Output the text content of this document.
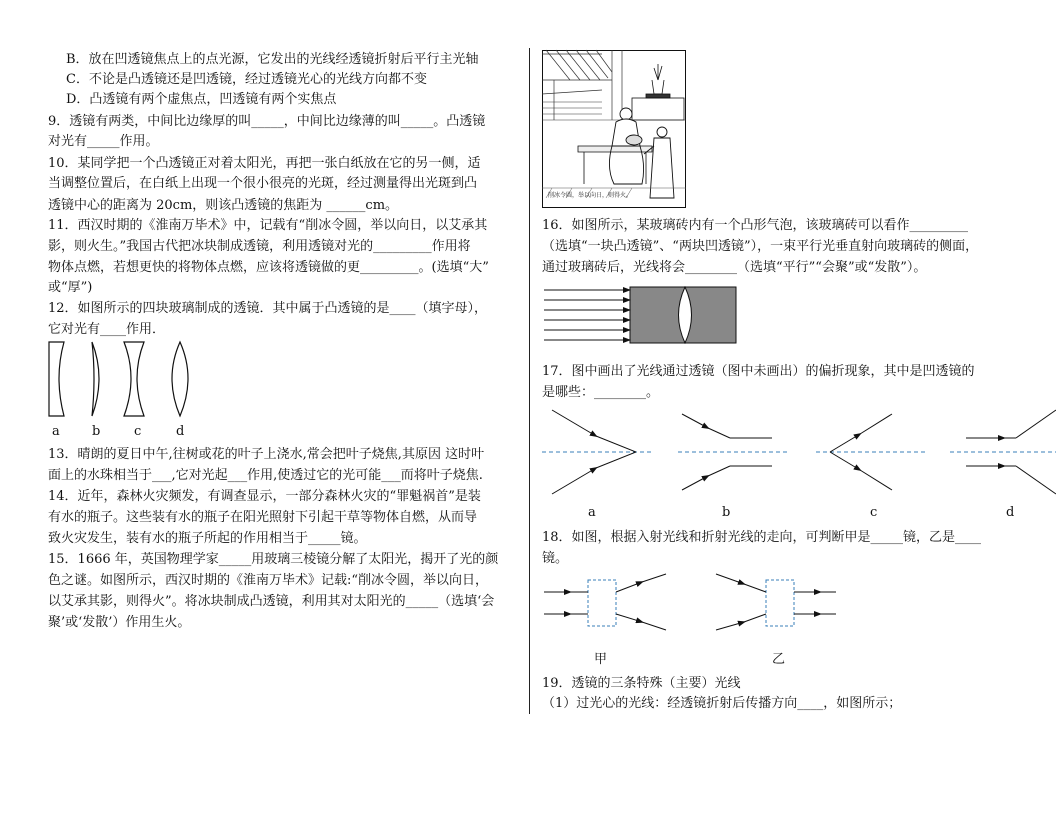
B．放在凹透镜焦点上的点光源，它发出的光线经透镜折射后平行主光轴
C．不论是凸透镜还是凹透镜，经过透镜光心的光线方向都不变
D．凸透镜有两个虚焦点，凹透镜有两个实焦点
9．透镜有两类，中间比边缘厚的叫_____，中间比边缘薄的叫_____。凸透镜
对光有_____作用。
10．某同学把一个凸透镜正对着太阳光，再把一张白纸放在它的另一侧，适
当调整位置后，在白纸上出现一个很小很亮的光斑，经过测量得出光斑到凸
透镜中心的距离为 20cm，则该凸透镜的焦距为 ______cm。
11．西汉时期的《淮南万毕术》中，记载有“削冰令圆，举以向日，以艾承其
影，则火生。”我国古代把冰块制成透镜，利用透镜对光的_________作用将
物体点燃，若想更快的将物体点燃，应该将透镜做的更_________。(选填“大”
或“厚”)
12．如图所示的四块玻璃制成的透镜．其中属于凸透镜的是____（填字母），
它对光有____作用．
a b	c	d
13．晴朗的夏日中午,往树或花的叶子上浇水,常会把叶子烧焦,其原因 这时叶
面上的水珠相当于___,它对光起___作用,使透过它的光可能___而将叶子烧焦.
14．近年，森林火灾频发，有调查显示，一部分森林火灾的“罪魁祸首”是装
有水的瓶子。这些装有水的瓶子在阳光照射下引起干草等物体自燃，从而导
致火灾发生，装有水的瓶子所起的作用相当于_____镜。
15．1666 年，英国物理学家_____用玻璃三棱镜分解了太阳光，揭开了光的颜
色之谜。如图所示，西汉时期的《淮南万毕术》记载:“削冰令圆，举以向日，
以艾承其影，则得火”。将冰块制成凸透镜，利用其对太阳光的_____（选填‘会
聚’或‘发散’）作用生火。
削冰令圆，举以向日，则得火。
16．如图所示，某玻璃砖内有一个凸形气泡，该玻璃砖可以看作_________
（选填“一块凸透镜”、“两块凹透镜”），一束平行光垂直射向玻璃砖的侧面，
通过玻璃砖后，光线将会________（选填“平行”“会聚”或“发散”）。
17．图中画出了光线通过透镜（图中未画出）的偏折现象，其中是凹透镜的
是哪些：________。
a	b	c	d
18．如图，根据入射光线和折射光线的走向，可判断甲是_____镜，乙是____
镜。
甲	乙
19．透镜的三条特殊（主要）光线
（1）过光心的光线：经透镜折射后传播方向____，如图所示；
